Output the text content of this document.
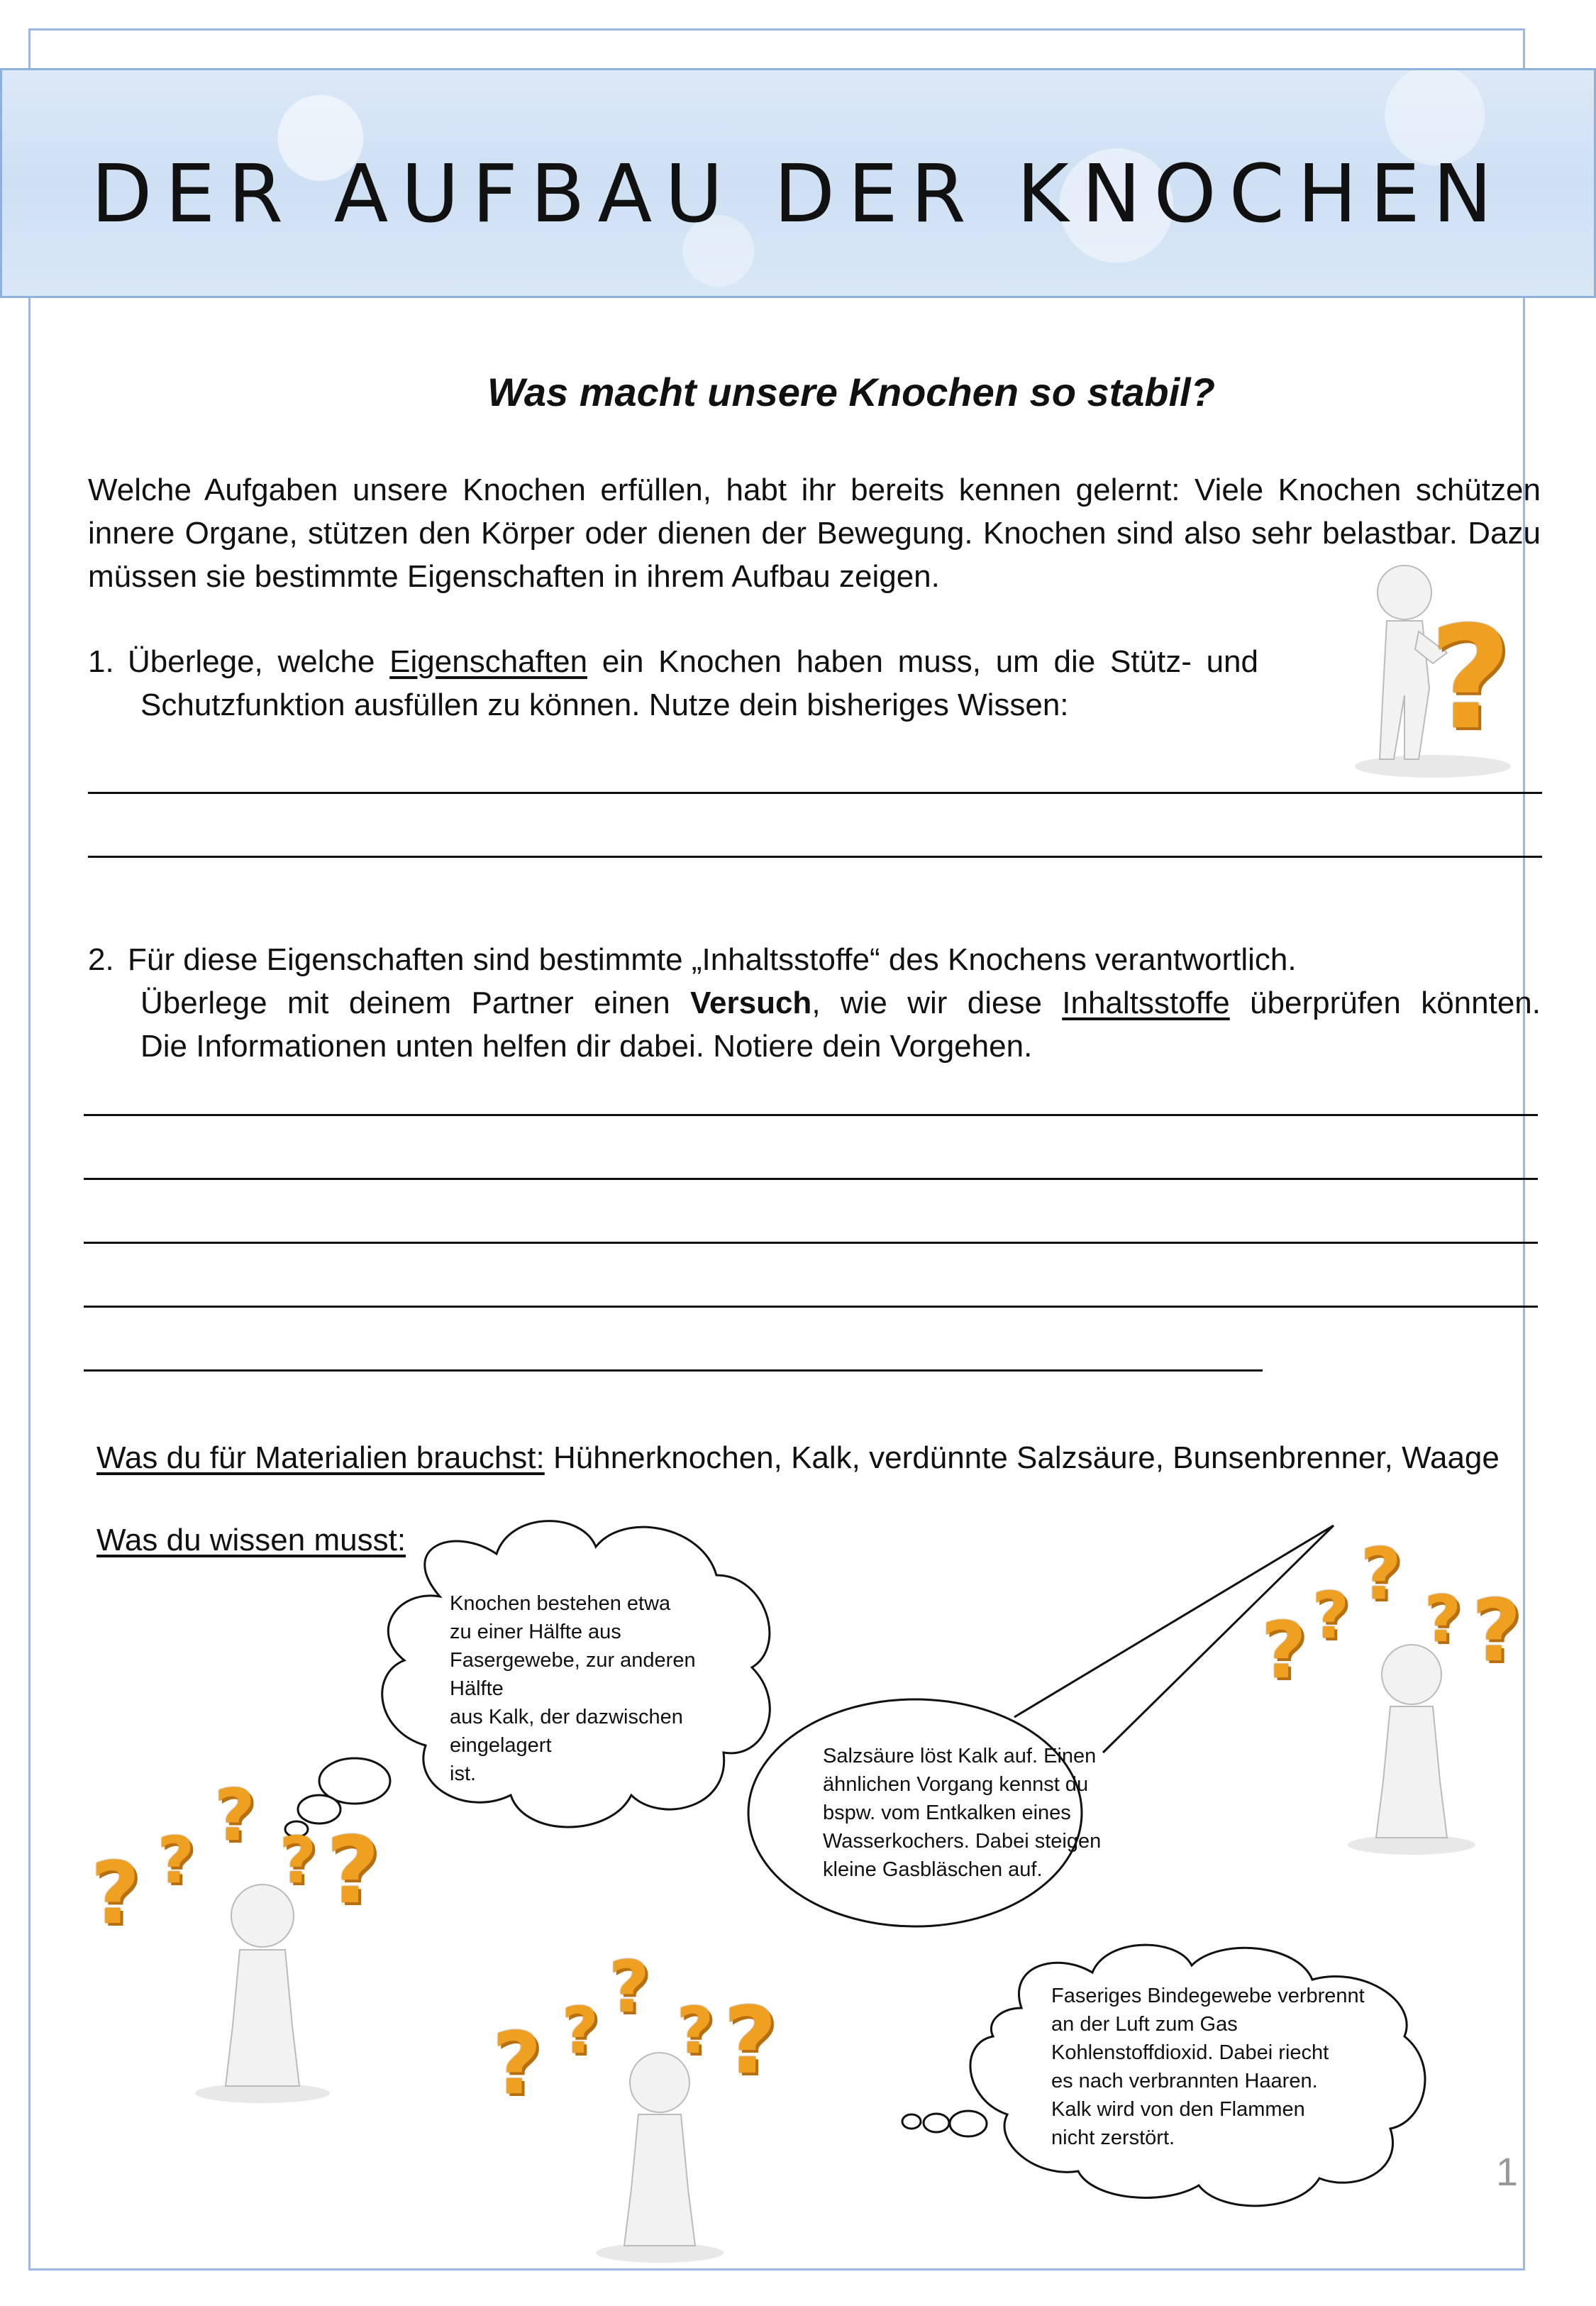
DER AUFBAU DER KNOCHEN
Was macht unsere Knochen so stabil?
Welche Aufgaben unsere Knochen erfüllen, habt ihr bereits kennen gelernt: Viele Knochen schützen innere Organe, stützen den Körper oder dienen der Bewegung. Knochen sind also sehr belastbar. Dazu müssen sie bestimmte Eigenschaften in ihrem Aufbau zeigen.
1. Überlege, welche Eigenschaften ein Knochen haben muss, um die Stütz- und
Schutzfunktion ausfüllen zu können. Nutze dein bisheriges Wissen:
2. Für diese Eigenschaften sind bestimmte „Inhaltsstoffe“ des Knochens verantwortlich.
Überlege mit deinem Partner einen Versuch, wie wir diese Inhaltsstoffe überprüfen könnten.
Die Informationen unten helfen dir dabei. Notiere dein Vorgehen.
Was du für Materialien brauchst: Hühnerknochen, Kalk, verdünnte Salzsäure, Bunsenbrenner, Waage
Was du wissen musst:
Knochen bestehen etwa
zu einer Hälfte aus
Fasergewebe, zur anderen
Hälfte
aus Kalk, der dazwischen
eingelagert
ist.
Salzsäure löst Kalk auf. Einen
ähnlichen Vorgang kennst du
bspw. vom Entkalken eines
Wasserkochers. Dabei steigen
kleine Gasbläschen auf.
Faseriges Bindegewebe verbrennt
an der Luft zum Gas
Kohlenstoffdioxid. Dabei riecht
es nach verbrannten Haaren.
Kalk wird von den Flammen
nicht zerstört.
?
? ?
?
? ?
? ?
?
? ?
? ?
?
? ?
1
